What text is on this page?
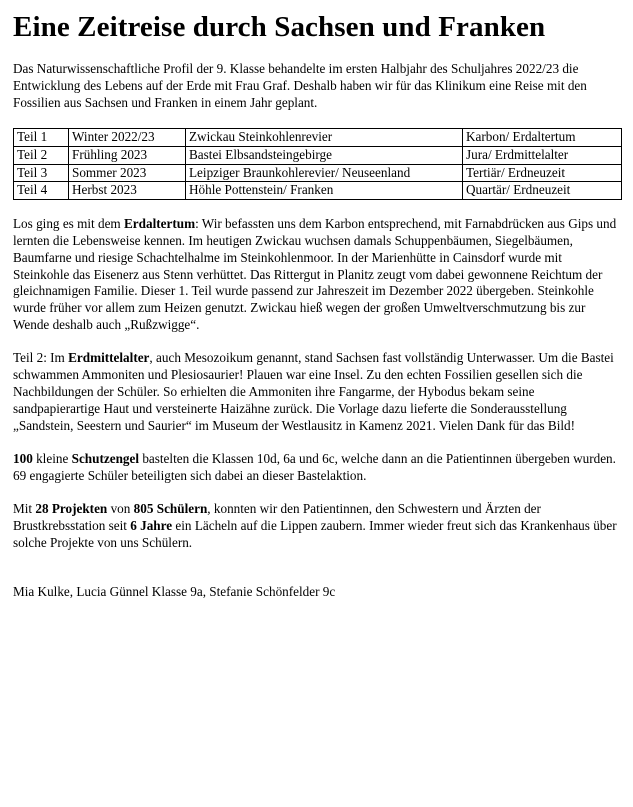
Eine Zeitreise durch Sachsen und Franken

Das Naturwissenschaftliche Profil der 9. Klasse behandelte im ersten Halbjahr des Schuljahres 2022/23 die Entwicklung des Lebens auf der Erde mit Frau Graf. Deshalb haben wir für das Klinikum eine Reise mit den Fossilien aus Sachsen und Franken in einem Jahr geplant.

Teil 1	Winter 2022/23	Zwickau Steinkohlenrevier	Karbon/ Erdaltertum
Teil 2	Frühling 2023	Bastei Elbsandsteingebirge	Jura/ Erdmittelalter
Teil 3	Sommer 2023	Leipziger Braunkohlerevier/ Neuseenland	Tertiär/ Erdneuzeit
Teil 4	Herbst 2023	Höhle Pottenstein/ Franken	Quartär/ Erdneuzeit

Los ging es mit dem Erdaltertum: Wir befassten uns dem Karbon entsprechend, mit Farnabdrücken aus Gips und lernten die Lebensweise kennen. Im heutigen Zwickau wuchsen damals Schuppenbäumen, Siegelbäumen, Baumfarne und riesige Schachtelhalme im Steinkohlenmoor. In der Marienhütte in Cainsdorf wurde mit Steinkohle das Eisenerz aus Stenn verhüttet. Das Rittergut in Planitz zeugt vom dabei gewonnene Reichtum der gleichnamigen Familie. Dieser 1. Teil wurde passend zur Jahreszeit im Dezember 2022 übergeben. Steinkohle wurde früher vor allem zum Heizen genutzt. Zwickau hieß wegen der großen Umweltverschmutzung bis zur Wende deshalb auch „Rußzwigge“.

Teil 2: Im Erdmittelalter, auch Mesozoikum genannt, stand Sachsen fast vollständig Unterwasser. Um die Bastei schwammen Ammoniten und Plesiosaurier! Plauen war eine Insel. Zu den echten Fossilien gesellen sich die Nachbildungen der Schüler. So erhielten die Ammoniten ihre Fangarme, der Hybodus bekam seine sandpapierartige Haut und versteinerte Haizähne zurück. Die Vorlage dazu lieferte die Sonderausstellung „Sandstein, Seestern und Saurier“ im Museum der Westlausitz in Kamenz 2021. Vielen Dank für das Bild!

100 kleine Schutzengel bastelten die Klassen 10d, 6a und 6c, welche dann an die Patientinnen übergeben wurden. 69 engagierte Schüler beteiligten sich dabei an dieser Bastelaktion.

Mit 28 Projekten von 805 Schülern, konnten wir den Patientinnen, den Schwestern und Ärzten der Brustkrebsstation seit 6 Jahre ein Lächeln auf die Lippen zaubern. Immer wieder freut sich das Krankenhaus über solche Projekte von uns Schülern.

Mia Kulke, Lucia Günnel Klasse 9a, Stefanie Schönfelder 9c
